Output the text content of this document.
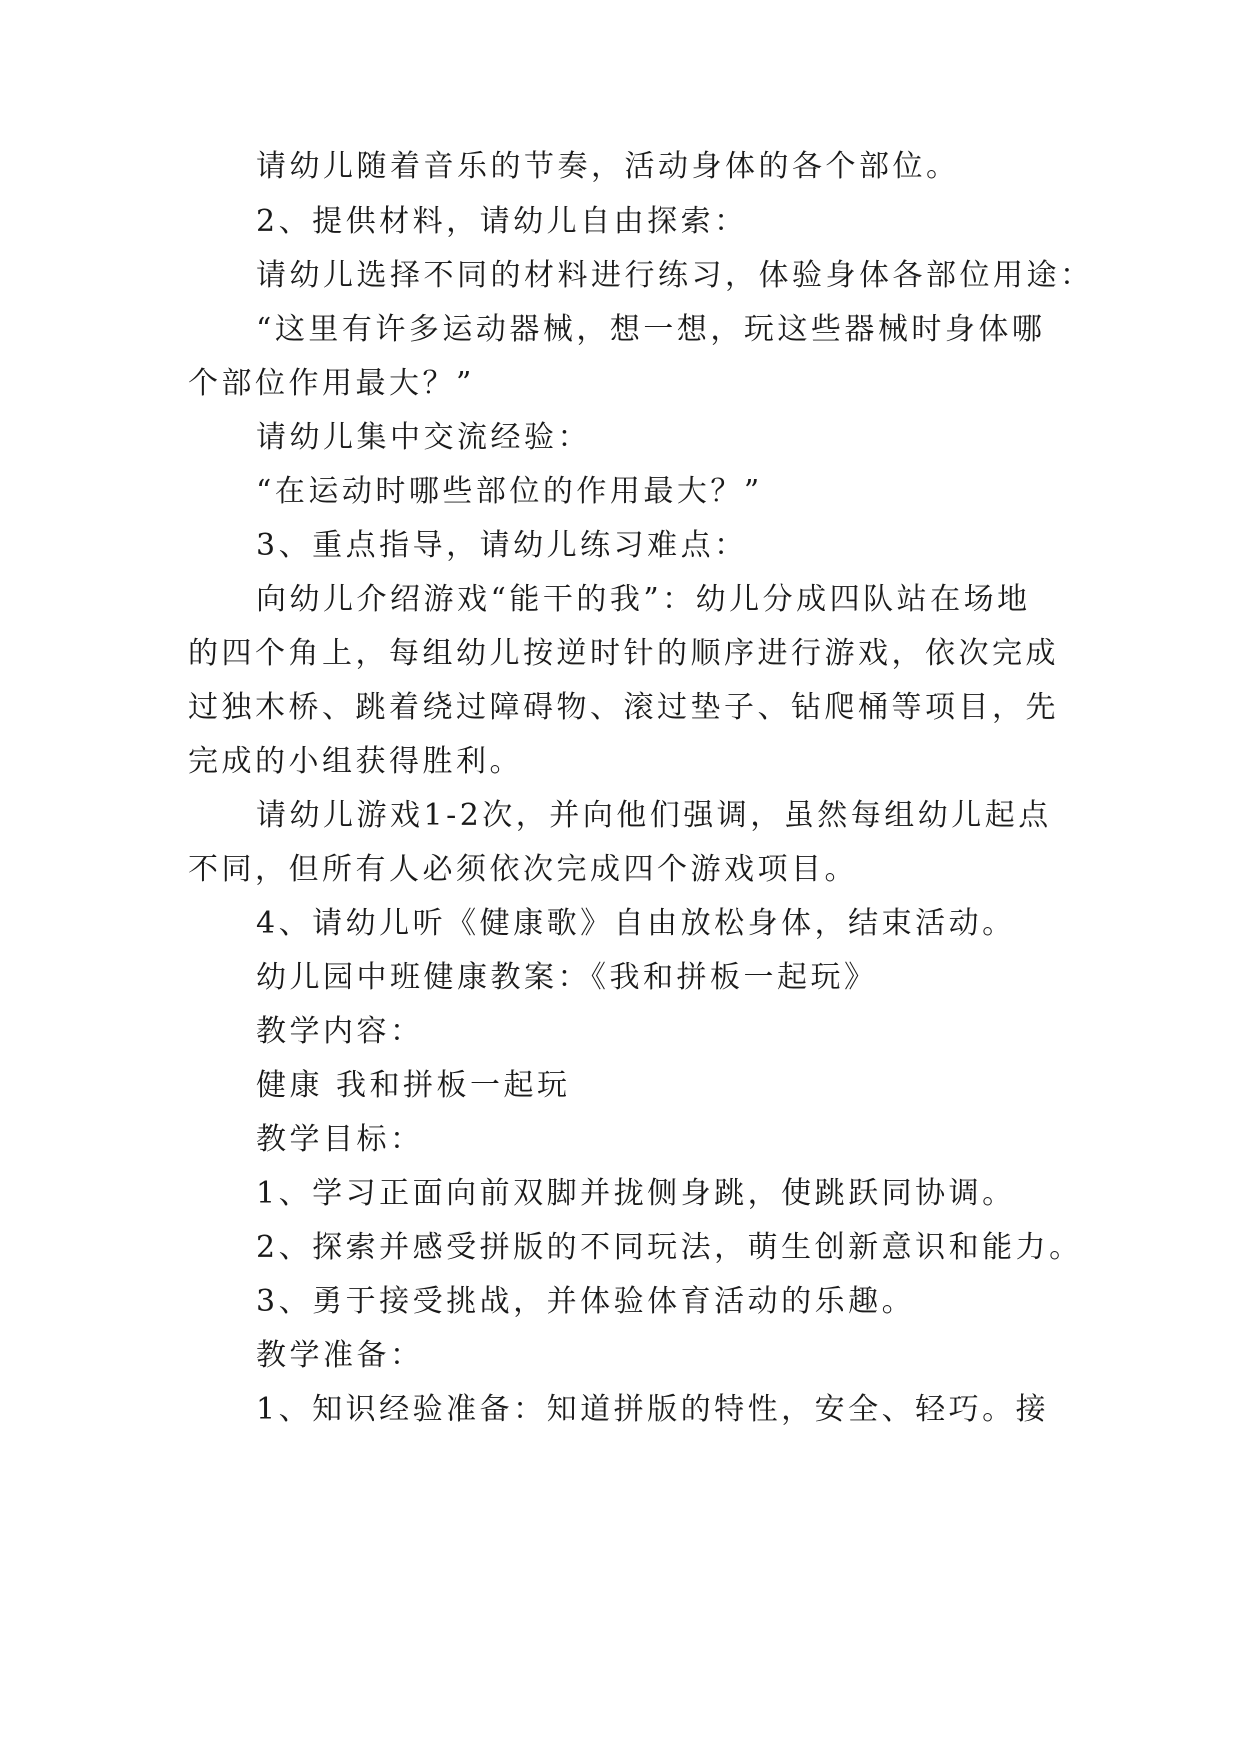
请幼儿随着音乐的节奏，活动身体的各个部位。
2、提供材料，请幼儿自由探索：
请幼儿选择不同的材料进行练习，体验身体各部位用途：
“这里有许多运动器械，想一想，玩这些器械时身体哪
个部位作用最大？”
请幼儿集中交流经验：
“在运动时哪些部位的作用最大？”
3、重点指导，请幼儿练习难点：
向幼儿介绍游戏“能干的我”：幼儿分成四队站在场地
的四个角上，每组幼儿按逆时针的顺序进行游戏，依次完成
过独木桥、跳着绕过障碍物、滚过垫子、钻爬桶等项目，先
完成的小组获得胜利。
请幼儿游戏1-2次，并向他们强调，虽然每组幼儿起点
不同，但所有人必须依次完成四个游戏项目。
4、请幼儿听《健康歌》自由放松身体，结束活动。
幼儿园中班健康教案：《我和拼板一起玩》
教学内容：
健康 我和拼板一起玩
教学目标：
1、学习正面向前双脚并拢侧身跳，使跳跃同协调。
2、探索并感受拼版的不同玩法，萌生创新意识和能力。
3、勇于接受挑战，并体验体育活动的乐趣。
教学准备：
1、知识经验准备：知道拼版的特性，安全、轻巧。接
